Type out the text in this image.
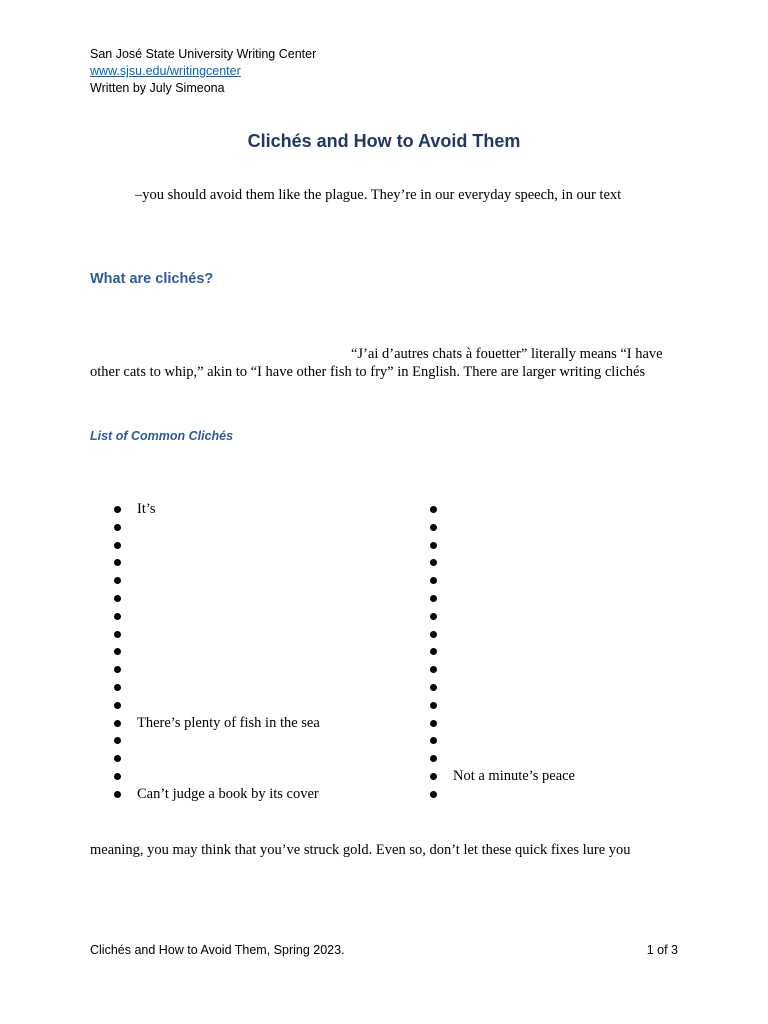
San José State University Writing Center
www.sjsu.edu/writingcenter
Written by July Simeona
Clichés and How to Avoid Them
–you should avoid them like the plague. They’re in our everyday speech, in our text
What are clichés?
“J’ai d’autres chats à fouetter” literally means “I have
other cats to whip,” akin to “I have other fish to fry” in English. There are larger writing clichés
List of Common Clichés
It’s
There’s plenty of fish in the sea
Can’t judge a book by its cover
Not a minute’s peace
meaning, you may think that you’ve struck gold. Even so, don’t let these quick fixes lure you
Clichés and How to Avoid Them, Spring 2023.	1 of 3
